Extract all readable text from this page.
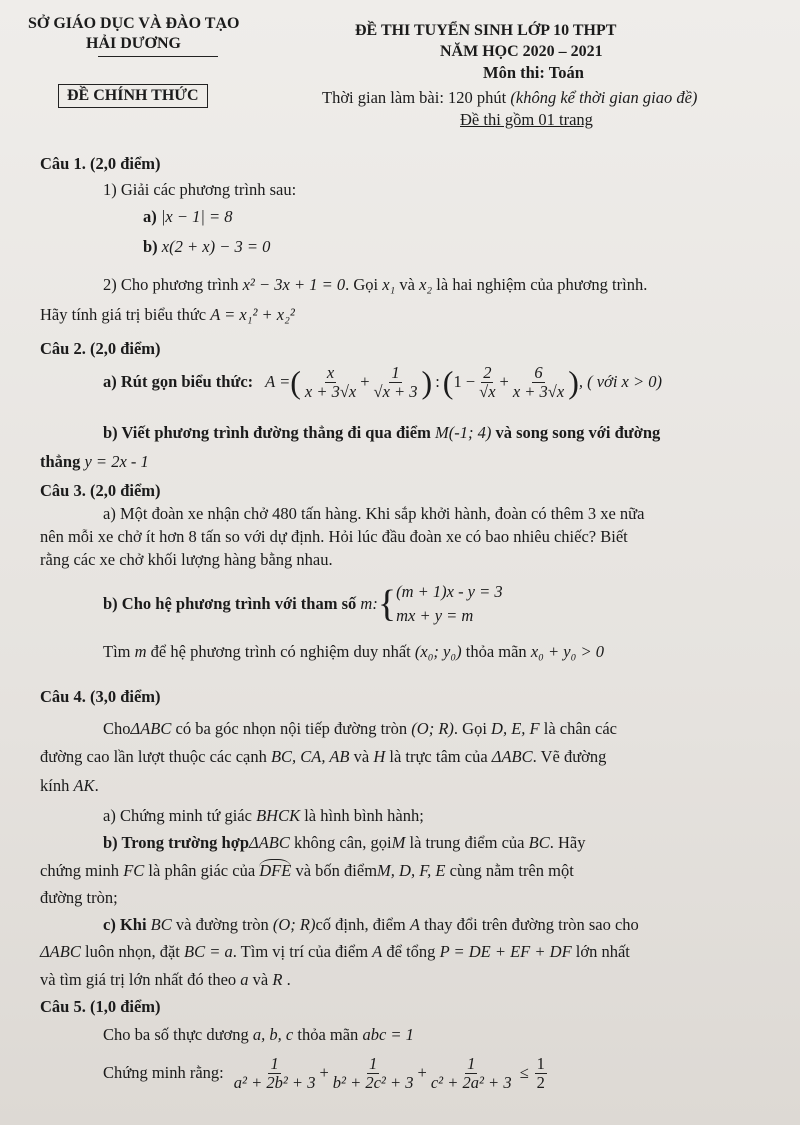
SỞ GIÁO DỤC VÀ ĐÀO TẠO
HẢI DƯƠNG
ĐỀ CHÍNH THỨC
ĐỀ THI TUYỂN SINH LỚP 10 THPT
NĂM HỌC 2020 – 2021
Môn thi: Toán
Thời gian làm bài: 120 phút (không kể thời gian giao đề)
Đề thi gồm 01 trang
Câu 1. (2,0 điểm)
1) Giải các phương trình sau:
a) |x − 1| = 8
b) x(2 + x) − 3 = 0
2) Cho phương trình x² − 3x + 1 = 0. Gọi x₁ và x₂ là hai nghiệm của phương trình.
Hãy tính giá trị biểu thức A = x₁² + x₂²
Câu 2. (2,0 điểm)
a) Rút gọn biểu thức: A = ( $\frac{x}{x + 3√x} + \frac{1}{√x + 3}$ ) : ( $1 - \frac{2}{√x} + \frac{6}{x + 3√x}$ ) , ( với x > 0)
b) Viết phương trình đường thẳng đi qua điểm M(-1; 4) và song song với đường
thẳng y = 2x - 1
Câu 3. (2,0 điểm)
a) Một đoàn xe nhận chở 480 tấn hàng. Khi sắp khởi hành, đoàn có thêm 3 xe nữa
nên mỗi xe chở ít hơn 8 tấn so với dự định. Hỏi lúc đầu đoàn xe có bao nhiêu chiếc? Biết
rằng các xe chở khối lượng hàng bằng nhau.
b) Cho hệ phương trình với tham số
m: { (m + 1)x - y = 3
mx + y = m
Tìm m để hệ phương trình có nghiệm duy nhất (x₀; y₀) thỏa mãn x₀ + y₀ > 0
Câu 4. (3,0 điểm)
ChoΔABC có ba góc nhọn nội tiếp đường tròn (O; R). Gọi D, E, F là chân các
đường cao lần lượt thuộc các cạnh BC, CA, AB và H là trực tâm của ΔABC. Vẽ đường
kính AK.
a) Chứng minh tứ giác BHCK là hình bình hành;
b) Trong trường hợpΔABC không cân, gọiM là trung điểm của BC. Hãy
chứng minh FC là phân giác của DFE và bốn điểmM, D, F, E cùng nằm trên một
đường tròn;
c) Khi BC và đường tròn (O; R)cố định, điểm A thay đổi trên đường tròn sao cho
ΔABC luôn nhọn, đặt BC = a. Tìm vị trí của điểm A để tổng P = DE + EF + DF lớn nhất
và tìm giá trị lớn nhất đó theo a và R .
Câu 5. (1,0 điểm)
Cho ba số thực dương a, b, c thỏa mãn abc = 1
Chứng minh rằng: $\frac{1}{\text{a² + 2b² + 3}} + \frac{1}{\text{b² + 2c² + 3}} + \frac{1}{\text{c² + 2a² + 3}} \le \frac{1}{2}$
